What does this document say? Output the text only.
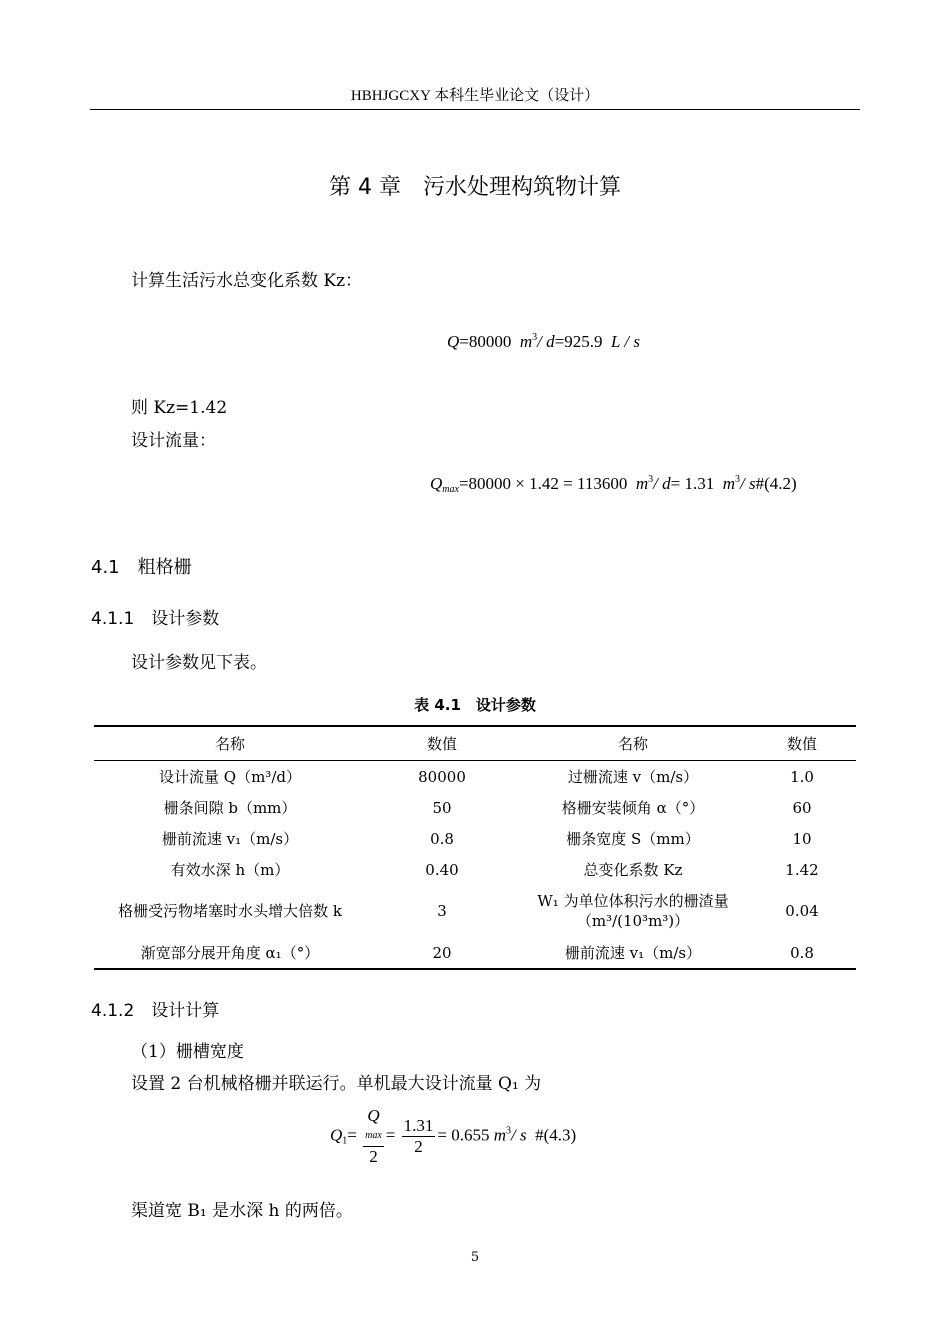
HBHJGCXY 本科生毕业论文（设计）
第 4 章　污水处理构筑物计算
计算生活污水总变化系数 Kz：
Q=80000 $m^3/$ d=925.9 L / s
则 Kz=1.42
设计流量：
$Q_{max}=80000 \times 1.42 = 113600$ $m^3/$ d= 1.31 $m^3/$ s#(4.2)
4.1　粗格栅
4.1.1　设计参数
设计参数见下表。
表 4.1　设计参数
名称	数值	名称	数值
设计流量 Q（m³/d）	80000	过栅流速 v（m/s）	1.0
栅条间隙 b（mm）	50	格栅安装倾角 α（°）	60
栅前流速 v₁（m/s）	0.8	栅条宽度 S（mm）	10
有效水深 h（m）	0.40	总变化系数 Kz	1.42
格栅受污物堵塞时水头增大倍数 k	3	W₁ 为单位体积污水的栅渣量（m³/(10³m³)）	0.04
渐宽部分展开角度 α₁（°）	20	栅前流速 v₁（m/s）	0.8
4.1.2　设计计算
（1）栅槽宽度
设置 2 台机械格栅并联运行。单机最大设计流量 Q₁ 为
$Q_1= Q$
max
$2 = \frac{1.31}{2} = 0.655$ $m^3/$ s #(4.3)
渠道宽 B₁ 是水深 h 的两倍。
5
